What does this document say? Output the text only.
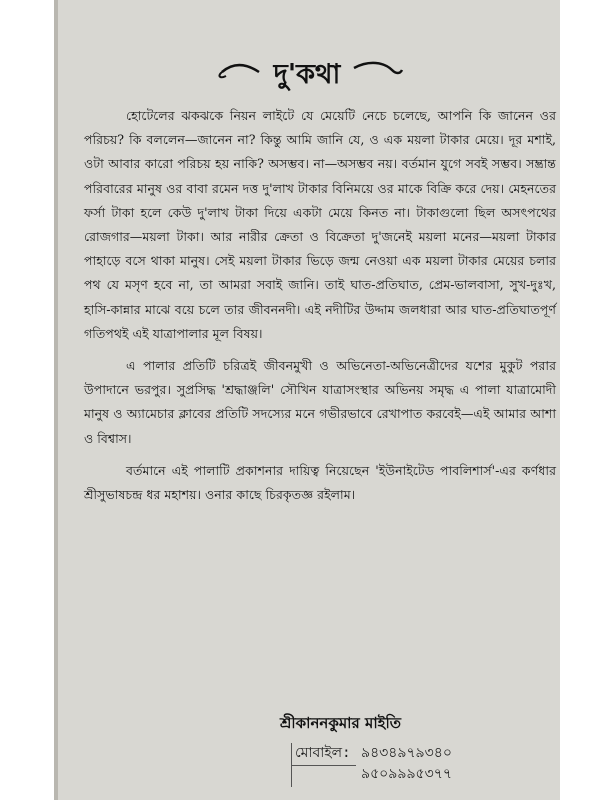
দু'কথা

হোটেলের ঝকঝকে নিয়ন লাইটে যে মেয়েটি নেচে চলেছে, আপনি কি জানেন ওর পরিচয়? কি বললেন—জানেন না? কিন্তু আমি জানি যে, ও এক ময়লা টাকার মেয়ে। দূর মশাই, ওটা আবার কারো পরিচয় হয় নাকি? অসম্ভব। না—অসম্ভব নয়। বর্তমান যুগে সবই সম্ভব। সম্ভ্রান্ত পরিবারের মানুষ ওর বাবা রমেন দত্ত দু'লাখ টাকার বিনিময়ে ওর মাকে বিক্রি করে দেয়। মেহনতের ফর্সা টাকা হলে কেউ দু'লাখ টাকা দিয়ে একটা মেয়ে কিনত না। টাকাগুলো ছিল অসৎপথের রোজগার—ময়লা টাকা। আর নারীর ক্রেতা ও বিক্রেতা দু'জনেই ময়লা মনের—ময়লা টাকার পাহাড়ে বসে থাকা মানুষ। সেই ময়লা টাকার ভিড়ে জন্ম নেওয়া এক ময়লা টাকার মেয়ের চলার পথ যে মসৃণ হবে না, তা আমরা সবাই জানি। তাই ঘাত-প্রতিঘাত, প্রেম-ভালবাসা, সুখ-দুঃখ, হাসি-কান্নার মাঝে বয়ে চলে তার জীবননদী। এই নদীটির উদ্দাম জলধারা আর ঘাত-প্রতিঘাতপূর্ণ গতিপথই এই যাত্রাপালার মূল বিষয়।

এ পালার প্রতিটি চরিত্রই জীবনমুখী ও অভিনেতা-অভিনেত্রীদের যশের মুকুট পরার উপাদানে ভরপুর। সুপ্রসিদ্ধ 'শ্রদ্ধাঞ্জলি' সৌখিন যাত্রাসংস্থার অভিনয় সমৃদ্ধ এ পালা যাত্রামোদী মানুষ ও অ্যামেচার ক্লাবের প্রতিটি সদস্যের মনে গভীরভাবে রেখাপাত করবেই—এই আমার আশা ও বিশ্বাস।

বর্তমানে এই পালাটি প্রকাশনার দায়িত্ব নিয়েছেন 'ইউনাইটেড পাবলিশার্স'-এর কর্ণধার শ্রীসুভাষচন্দ্র ধর মহাশয়। ওনার কাছে চিরকৃতজ্ঞ রইলাম।

শ্রীকাননকুমার মাইতি
মোবাইল: ৯৪৩৪৯৭৯৩৪০
৯৫০৯৯৯৫৩৭৭
